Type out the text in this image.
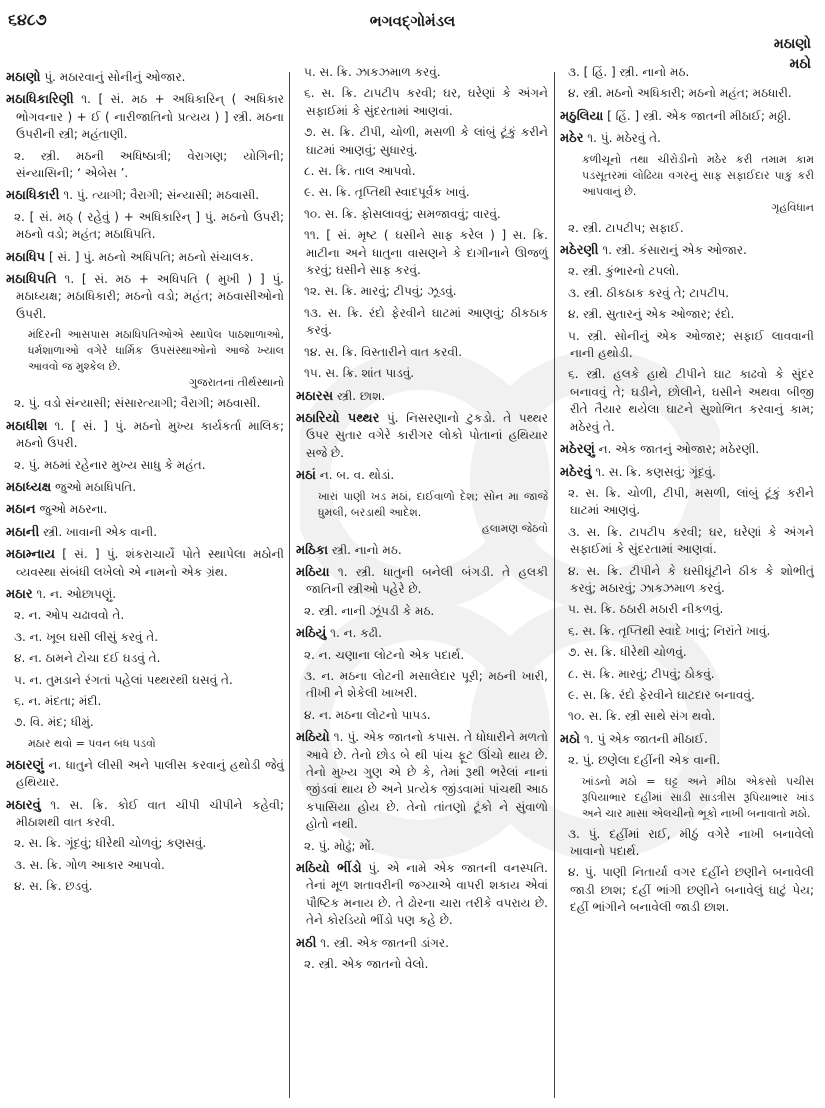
૬૪૮૭	ભગવદ્ગોમંડલ
મઠાણો
મઠો
મઠાણો પું. મઠારવાનું સોનીનું ઓજાર.
મઠાધિકારિણી ૧. [ સં. મઠ + અધિકારિન્ ( અધિકાર ભોગવનાર ) + ઈ ( નારીજાતિનો પ્રત્યય ) ] સ્ત્રી. મઠના ઉપરીની સ્ત્રી; મહંતાણી.
૨. સ્ત્રી. મઠની અધિષ્ઠાત્રી; વેરાગણ; યોગિની; સંન્યાસિની; ‘ એબેસ ’.
મઠાધિકારી ૧. પું. ત્યાગી; વૈરાગી; સંન્યાસી; મઠવાસી.
૨. [ સં. મઠ્ ( રહેવું ) + અધિકારિન્ ] પું. મઠનો ઉપરી; મઠનો વડો; મહંત; મઠાધિપતિ.
મઠાધિપ [ સં. ] પું. મઠનો અધિપતિ; મઠનો સંચાલક.
મઠાધિપતિ ૧. [ સં. મઠ + અધિપતિ ( મુખી ) ] પું. મઠાધ્યક્ષ; મઠાધિકારી; મઠનો વડો; મહંત; મઠવાસીઓનો ઉપરી.
મંદિરની આસપાસ મઠાધિપતિઓએ સ્થાપેલ પાઠશાળાઓ, ધર્મશાળાઓ વગેરે ધાર્મિક ઉપસંસ્થાઓનો આજે ખ્યાલ આવવો જ મુશ્કેલ છે.
ગુજરાતનાં તીર્થસ્થાનો
૨. પું. વડો સંન્યાસી; સંસારત્યાગી; વૈરાગી; મઠવાસી.
મઠાધીશ ૧. [ સં. ] પું. મઠનો મુખ્ય કાર્યકર્તા માલિક; મઠનો ઉપરી.
૨. પું. મઠમાં રહેનાર મુખ્ય સાધુ કે મહંત.
મઠાધ્યક્ષ જુઓ મઠાધિપતિ.
મઠાન જુઓ મઠરના.
મઠાની સ્ત્રી. ખાવાની એક વાની.
મઠામ્નાય [ સં. ] પું. શંકરાચાર્યે પોતે સ્થાપેલા મઠોની વ્યવસ્થા સંબંધી લખેલો એ નામનો એક ગ્રંથ.
મઠાર ૧. ન. ઓછાપણું.
૨. ન. ઓપ ચઢાવવો તે.
૩. ન. ખૂબ ઘસી લીસું કરવું તે.
૪. ન. ઠામને ટોચા દઈ ઘડવું તે.
૫. ન. તુમડાને રંગતાં પહેલાં પથ્થરથી ઘસવું તે.
૬. ન. મંદતા; મંદી.
૭. વિ. મંદ; ધીમું.
મઠાર થવો = પવન બંધ પડવો
મઠારણું ન. ધાતુને લીસી અને પાલીસ કરવાનું હથોડી જેવું હથિયાર.
મઠારવું ૧. સ. ક્રિ. કોઈ વાત ચીપી ચીપીને કહેવી; મીઠાશથી વાત કરવી.
૨. સ. ક્રિ. ગૂંદવું; ધીરેથી ચોળવું; કણસવું.
૩. સ. ક્રિ. ગોળ આકાર આપવો.
૪. સ. ક્રિ. છડવું.
૫. સ. ક્રિ. ઝાકઝમાળ કરવું.
૬. સ. ક્રિ. ટાપટીપ કરવી; ઘર, ઘરેણાં કે અંગને સફાઈમાં કે સુંદરતામાં આણવાં.
૭. સ. ક્રિ. ટીપી, ચોળી, મસળી કે લાંબું ટૂંકું કરીને ઘાટમાં આણવું; સુધારવું.
૮. સ. ક્રિ. તાલ આપવો.
૯. સ. ક્રિ. તૃપ્તિથી સ્વાદપૂર્વક ખાવું.
૧૦. સ. ક્રિ. ફોસલાવવું; સમજાવવું; વારવું.
૧૧. [ સં. મૃષ્ટ ( ઘસીને સાફ કરેલ ) ] સ. ક્રિ. માટીના અને ધાતુના વાસણને કે દાગીનાને ઊજળું કરવું; ઘસીને સાફ કરવું.
૧૨. સ. ક્રિ. મારવું; ટીપવું; ઝૂડવું.
૧૩. સ. ક્રિ. રંદો ફેરવીને ઘાટમાં આણવું; ઠીકઠાક કરવું.
૧૪. સ. ક્રિ. વિસ્તારીને વાત કરવી.
૧૫. સ. ક્રિ. શાંત પાડવું.
મઠારસ સ્ત્રી. છાશ.
મઠારિયો પથ્થર પું. નિસરણાનો ટુકડો. તે પથ્થર ઉપર સુતાર વગેરે કારીગર લોકો પોતાનાં હથિયાર સજે છે.
મઠાં ન. બ. વ. થોડાં.
ખારાં પાણી ખડ મઠાં, દાઈવાળો દેશ; સોન મા જાજે ધુમલી, બરડાથી આદેશ.
હલામણ જેઠવો
મઠિકા સ્ત્રી. નાનો મઠ.
મઠિયા ૧. સ્ત્રી. ધાતુની બનેલી બંગડી. તે હલકી જાતિની સ્ત્રીઓ પહેરે છે.
૨. સ્ત્રી. નાની ઝૂંપડી કે મઠ.
મઠિયું ૧. ન. કઢી.
૨. ન. ચણાના લોટનો એક પદાર્થ.
૩. ન. મઠના લોટની મસાલેદાર પૂરી; મઠની ખારી, તીખી ને શેકેલી ખાખરી.
૪. ન. મઠના લોટનો પાપડ.
મઠિયો ૧. પું. એક જાતનો કપાસ. તે ધોધારીને મળતો આવે છે. તેનો છોડ બે થી પાંચ ફૂટ ઊંચો થાય છે. તેનો મુખ્ય ગુણ એ છે કે, તેમાં રૂથી ભરેલાં નાનાં જીંડવાં થાય છે અને પ્રત્યેક જીંડવામાં પાંચથી આઠ કપાસિયા હોય છે. તેનો તાંતણો ટૂંકો ને સુંવાળો હોતો નથી.
૨. પું. મોઢું; મોં.
મઠિયો ભીંડો પું. એ નામે એક જાતની વનસ્પતિ. તેનાં મૂળ શતાવરીની જગ્યાએ વાપરી શકાય એવાં પૌષ્ટિક મનાય છે. તે ઢોરના ચારા તરીકે વપરાય છે. તેને કોરડિયો ભીંડો પણ કહે છે.
મઠી ૧. સ્ત્રી. એક જાતની ડાંગર.
૨. સ્ત્રી. એક જાતનો વેલો.
૩. [ હિં. ] સ્ત્રી. નાનો મઠ.
૪. સ્ત્રી. મઠનો અધિકારી; મઠનો મહંત; મઠધારી.
મઠુલિયા [ હિં. ] સ્ત્રી. એક જાતની મીઠાઈ; મઠ્ઠી.
મઠેર ૧. પું. મઠેરવું તે.
કળીચૂનો તથા ચીરોડીનો મઠેર કરી તમામ કામ પડસૂતરમાં લોઢિયા વગરનું સાફ સફાઈદાર પાકું કરી આપવાનું છે.
ગૃહવિધાન
૨. સ્ત્રી. ટાપટીપ; સફાઈ.
મઠેરણી ૧. સ્ત્રી. કંસારાનું એક ઓજાર.
૨. સ્ત્રી. કુંભારનો ટપલો.
૩. સ્ત્રી. ઠીકઠાક કરવું તે; ટાપટીપ.
૪. સ્ત્રી. સુતારનું એક ઓજાર; રંદો.
૫. સ્ત્રી. સોનીનું એક ઓજાર; સફાઈ લાવવાની નાની હથોડી.
૬. સ્ત્રી. હલકે હાથે ટીપીને ઘાટ કાઢવો કે સુંદર બનાવવું તે; ઘડીને, છોલીને, ઘસીને અથવા બીજી રીતે તૈયાર થયેલા ઘાટને સુશોભિત કરવાનું કામ; મઠેરવું તે.
મઠેરણું ન. એક જાતનું ઓજાર; મઠેરણી.
મઠેરવું ૧. સ. ક્રિ. કણસવું; ગૂંદવું.
૨. સ. ક્રિ. ચોળી, ટીપી, મસળી, લાંબું ટૂંકું કરીને ઘાટમાં આણવું.
૩. સ. ક્રિ. ટાપટીપ કરવી; ઘર, ઘરેણાં કે અંગને સફાઈમાં કે સુંદરતામાં આણવાં.
૪. સ. ક્રિ. ટીપીને કે ઘસીઘૂંટીને ઠીક કે શોભીતું કરવું; મઠારવું; ઝાકઝમાળ કરવું.
૫. સ. ક્રિ. ઠઠારી મઠારી નીકળવું.
૬. સ. ક્રિ. તૃપ્તિથી સ્વાદે ખાવું; નિરાંતે ખાવું.
૭. સ. ક્રિ. ધીરેથી ચોળવું.
૮. સ. ક્રિ. મારવું; ટીપવું; ઠોકવું.
૯. સ. ક્રિ. રંદો ફેરવીને ઘાટદાર બનાવવું.
૧૦. સ. ક્રિ. સ્ત્રી સાથે સંગ થવો.
મઠો ૧. પું એક જાતની મીઠાઈ.
૨. પું. છણેલા દહીંની એક વાની.
ખાંડનો મઠો = ઘટ્ટ અને મીઠા એકસો પચીસ રૂપિયાભાર દહીંમાં સાડી સાડત્રીસ રૂપિયાભાર ખાંડ અને ચાર માસા એલચીનો ભૂકો નાખી બનાવાતો મઠો.
૩. પું. દહીંમાં રાઈ, મીઠું વગેરે નાખી બનાવેલો ખાવાનો પદાર્થ.
૪. પું. પાણી નિતાર્યા વગર દહીંને છણીને બનાવેલી જાડી છાશ; દહીં ભાંગી છણીને બનાવેલું ઘાટું પેય; દહીં ભાંગીને બનાવેલી જાડી છાશ.
